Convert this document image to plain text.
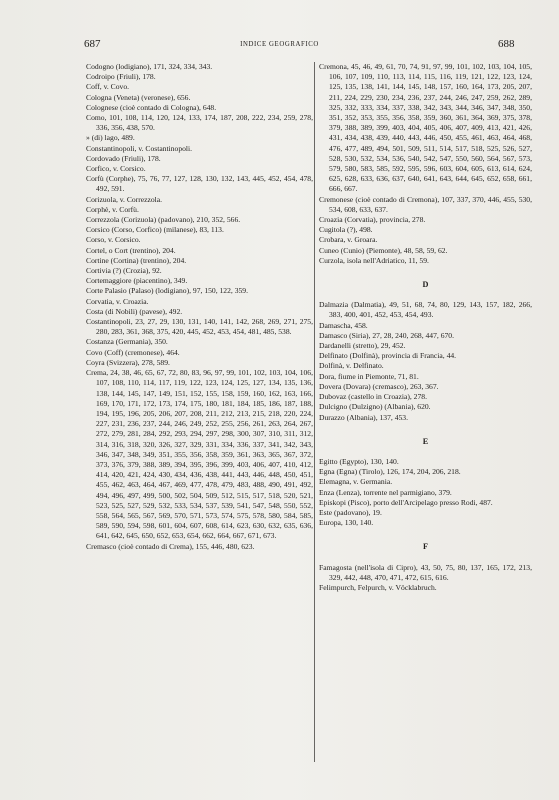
687	INDICE GEOGRAFICO	688
Codogno (lodigiano), 171, 324, 334, 343.
Codroipo (Friuli), 178.
Coff, v. Covo.
Cologna (Veneta) (veronese), 656.
Colognese (cioè contado di Cologna), 648.
Como, 101, 108, 114, 120, 124, 133, 174, 187, 208, 222, 234, 259, 278, 336, 356, 438, 570.
» (di) lago, 489.
Constantinopoli, v. Costantinopoli.
Cordovado (Friuli), 178.
Corfico, v. Corsico.
Corfù (Corphe), 75, 76, 77, 127, 128, 130, 132, 143, 445, 452, 454, 478, 492, 591.
Corizuola, v. Correzzola.
Corphè, v. Corfù.
Correzzola (Corizuola) (padovano), 210, 352, 566.
Corsico (Corso, Corfico) (milanese), 83, 113.
Corso, v. Corsico.
Cortel, o Cort (trentino), 204.
Cortine (Cortina) (trentino), 204.
Cortivia (?) (Crozia), 92.
Cortemaggiore (piacentino), 349.
Corte Palasio (Palaso) (lodigiano), 97, 150, 122, 359.
Corvatia, v. Croazia.
Costa (di Nobili) (pavese), 492.
Costantinopoli, 23, 27, 29, 130, 131, 140, 141, 142, 268, 269, 271, 275, 280, 283, 361, 368, 375, 420, 445, 452, 453, 454, 481, 485, 538.
Costanza (Germania), 350.
Covo (Coff) (cremonese), 464.
Coyra (Svizzera), 278, 589.
Crema, 24, 38, 46, 65, 67, 72, 80, 83, 96, 97, 99, 101, 102, 103, 104, 106, 107, 108, 110, 114, 117, 119, 122, 123, 124, 125, 127, 134, 135, 136, 138, 144, 145, 147, 149, 151, 152, 155, 158, 159, 160, 162, 163, 166, 169, 170, 171, 172, 173, 174, 175, 180, 181, 184, 185, 186, 187, 188, 194, 195, 196, 205, 206, 207, 208, 211, 212, 213, 215, 218, 220, 224, 227, 231, 236, 237, 244, 246, 249, 252, 255, 256, 261, 263, 264, 267, 272, 279, 281, 284, 292, 293, 294, 297, 298, 300, 307, 310, 311, 312, 314, 316, 318, 320, 326, 327, 329, 331, 334, 336, 337, 341, 342, 343, 346, 347, 348, 349, 351, 355, 356, 358, 359, 361, 363, 365, 367, 372, 373, 376, 379, 388, 389, 394, 395, 396, 399, 403, 406, 407, 410, 412, 414, 420, 421, 424, 430, 434, 436, 438, 441, 443, 446, 448, 450, 451, 455, 462, 463, 464, 467, 469, 477, 478, 479, 483, 488, 490, 491, 492, 494, 496, 497, 499, 500, 502, 504, 509, 512, 515, 517, 518, 520, 521, 523, 525, 527, 529, 532, 533, 534, 537, 539, 541, 547, 548, 550, 552, 558, 564, 565, 567, 569, 570, 571, 573, 574, 575, 578, 580, 584, 585, 589, 590, 594, 598, 601, 604, 607, 608, 614, 623, 630, 632, 635, 636, 641, 642, 645, 650, 652, 653, 654, 662, 664, 667, 671, 673.
Cremasco (cioè contado di Crema), 155, 446, 480, 623.
Cremona, 45, 46, 49, 61, 70, 74, 91, 97, 99, 101, 102, 103, 104, 105, 106, 107, 109, 110, 113, 114, 115, 116, 119, 121, 122, 123, 124, 125, 135, 138, 141, 144, 145, 148, 157, 160, 164, 173, 205, 207, 211, 224, 229, 230, 234, 236, 237, 244, 246, 247, 259, 262, 289, 325, 332, 333, 334, 337, 338, 342, 343, 344, 346, 347, 348, 350, 351, 352, 353, 355, 356, 358, 359, 360, 361, 364, 369, 375, 378, 379, 388, 389, 399, 403, 404, 405, 406, 407, 409, 413, 421, 426, 431, 434, 438, 439, 440, 443, 446, 450, 455, 461, 463, 464, 468, 476, 477, 489, 494, 501, 509, 511, 514, 517, 518, 525, 526, 527, 528, 530, 532, 534, 536, 540, 542, 547, 550, 560, 564, 567, 573, 579, 580, 583, 585, 592, 595, 596, 603, 604, 605, 613, 614, 624, 625, 628, 633, 636, 637, 640, 641, 643, 644, 645, 652, 658, 661, 666, 667.
Cremonese (cioè contado di Cremona), 107, 337, 370, 446, 455, 530, 534, 608, 633, 637.
Croazia (Corvatia), provincia, 278.
Cugitola (?), 498.
Crobara, v. Groara.
Cuneo (Cunio) (Piemonte), 48, 58, 59, 62.
Curzola, isola nell'Adriatico, 11, 59.
D
Dalmazia (Dalmatia), 49, 51, 68, 74, 80, 129, 143, 157, 182, 266, 383, 400, 401, 452, 453, 454, 493.
Damascha, 458.
Damasco (Siria), 27, 28, 240, 268, 447, 670.
Dardanelli (stretto), 29, 452.
Delfinato (Dolfinà), provincia di Francia, 44.
Dolfinà, v. Delfinato.
Dora, fiume in Piemonte, 71, 81.
Dovera (Dovara) (cremasco), 263, 367.
Dubovaz (castello in Croazia), 278.
Dulcigno (Dulzigno) (Albania), 620.
Durazzo (Albania), 137, 453.
E
Egitto (Egypto), 130, 140.
Egna (Egna) (Tirolo), 126, 174, 204, 206, 218.
Elemagna, v. Germania.
Enza (Lenza), torrente nel parmigiano, 379.
Episkopi (Pisco), porto dell'Arcipelago presso Rodi, 487.
Este (padovano), 19.
Europa, 130, 140.
F
Famagosta (nell'isola di Cipro), 43, 50, 75, 80, 137, 165, 172, 213, 329, 442, 448, 470, 471, 472, 615, 616.
Felimpurch, Felpurch, v. Vöcklabruch.
